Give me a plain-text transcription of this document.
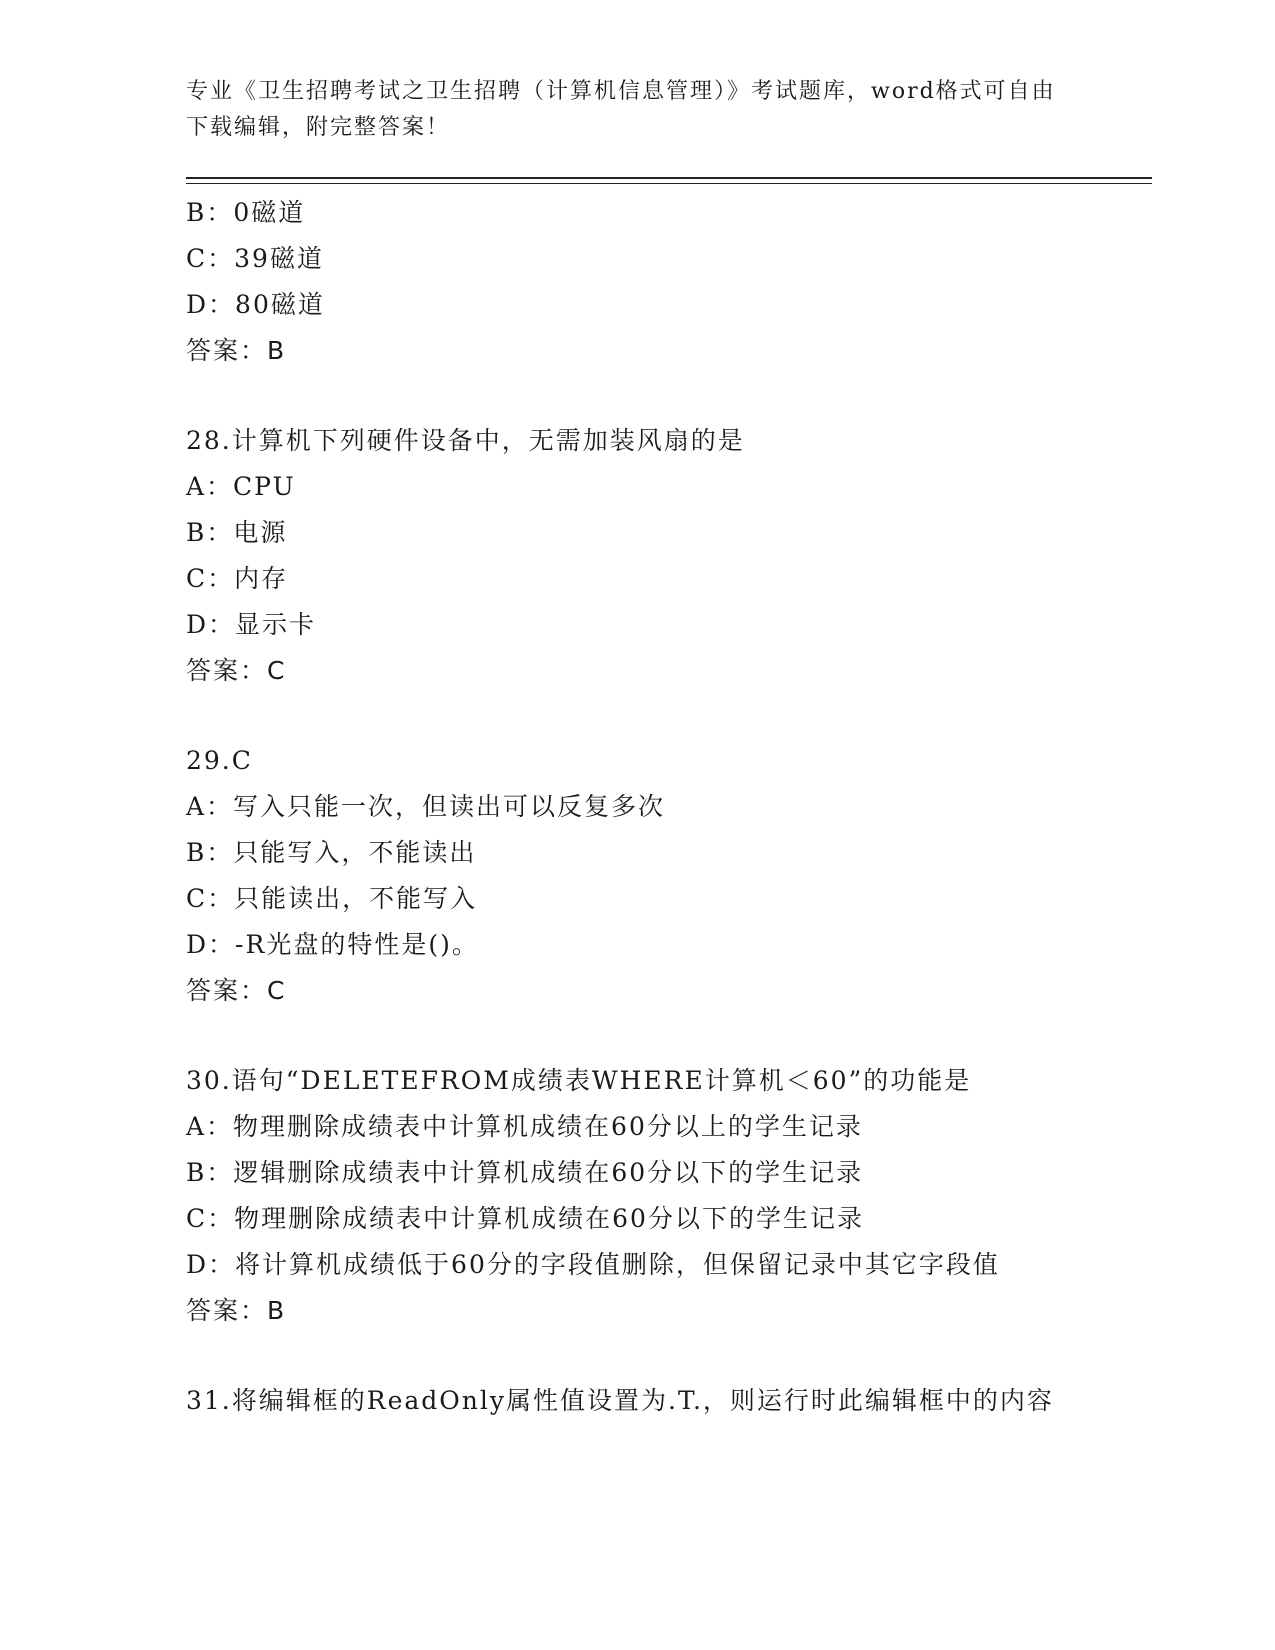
专业《卫生招聘考试之卫生招聘（计算机信息管理）》考试题库，word格式可自由下载编辑，附完整答案！
B：0磁道
C：39磁道
D：80磁道
答案：B
28.计算机下列硬件设备中，无需加装风扇的是
A：CPU
B：电源
C：内存
D：显示卡
答案：C
29.C
A：写入只能一次，但读出可以反复多次
B：只能写入，不能读出
C：只能读出，不能写入
D：-R光盘的特性是()。
答案：C
30.语句“DELETEFROM成绩表WHERE计算机＜60”的功能是
A：物理删除成绩表中计算机成绩在60分以上的学生记录
B：逻辑删除成绩表中计算机成绩在60分以下的学生记录
C：物理删除成绩表中计算机成绩在60分以下的学生记录
D：将计算机成绩低于60分的字段值删除，但保留记录中其它字段值
答案：B
31.将编辑框的ReadOnly属性值设置为.T.，则运行时此编辑框中的内容
